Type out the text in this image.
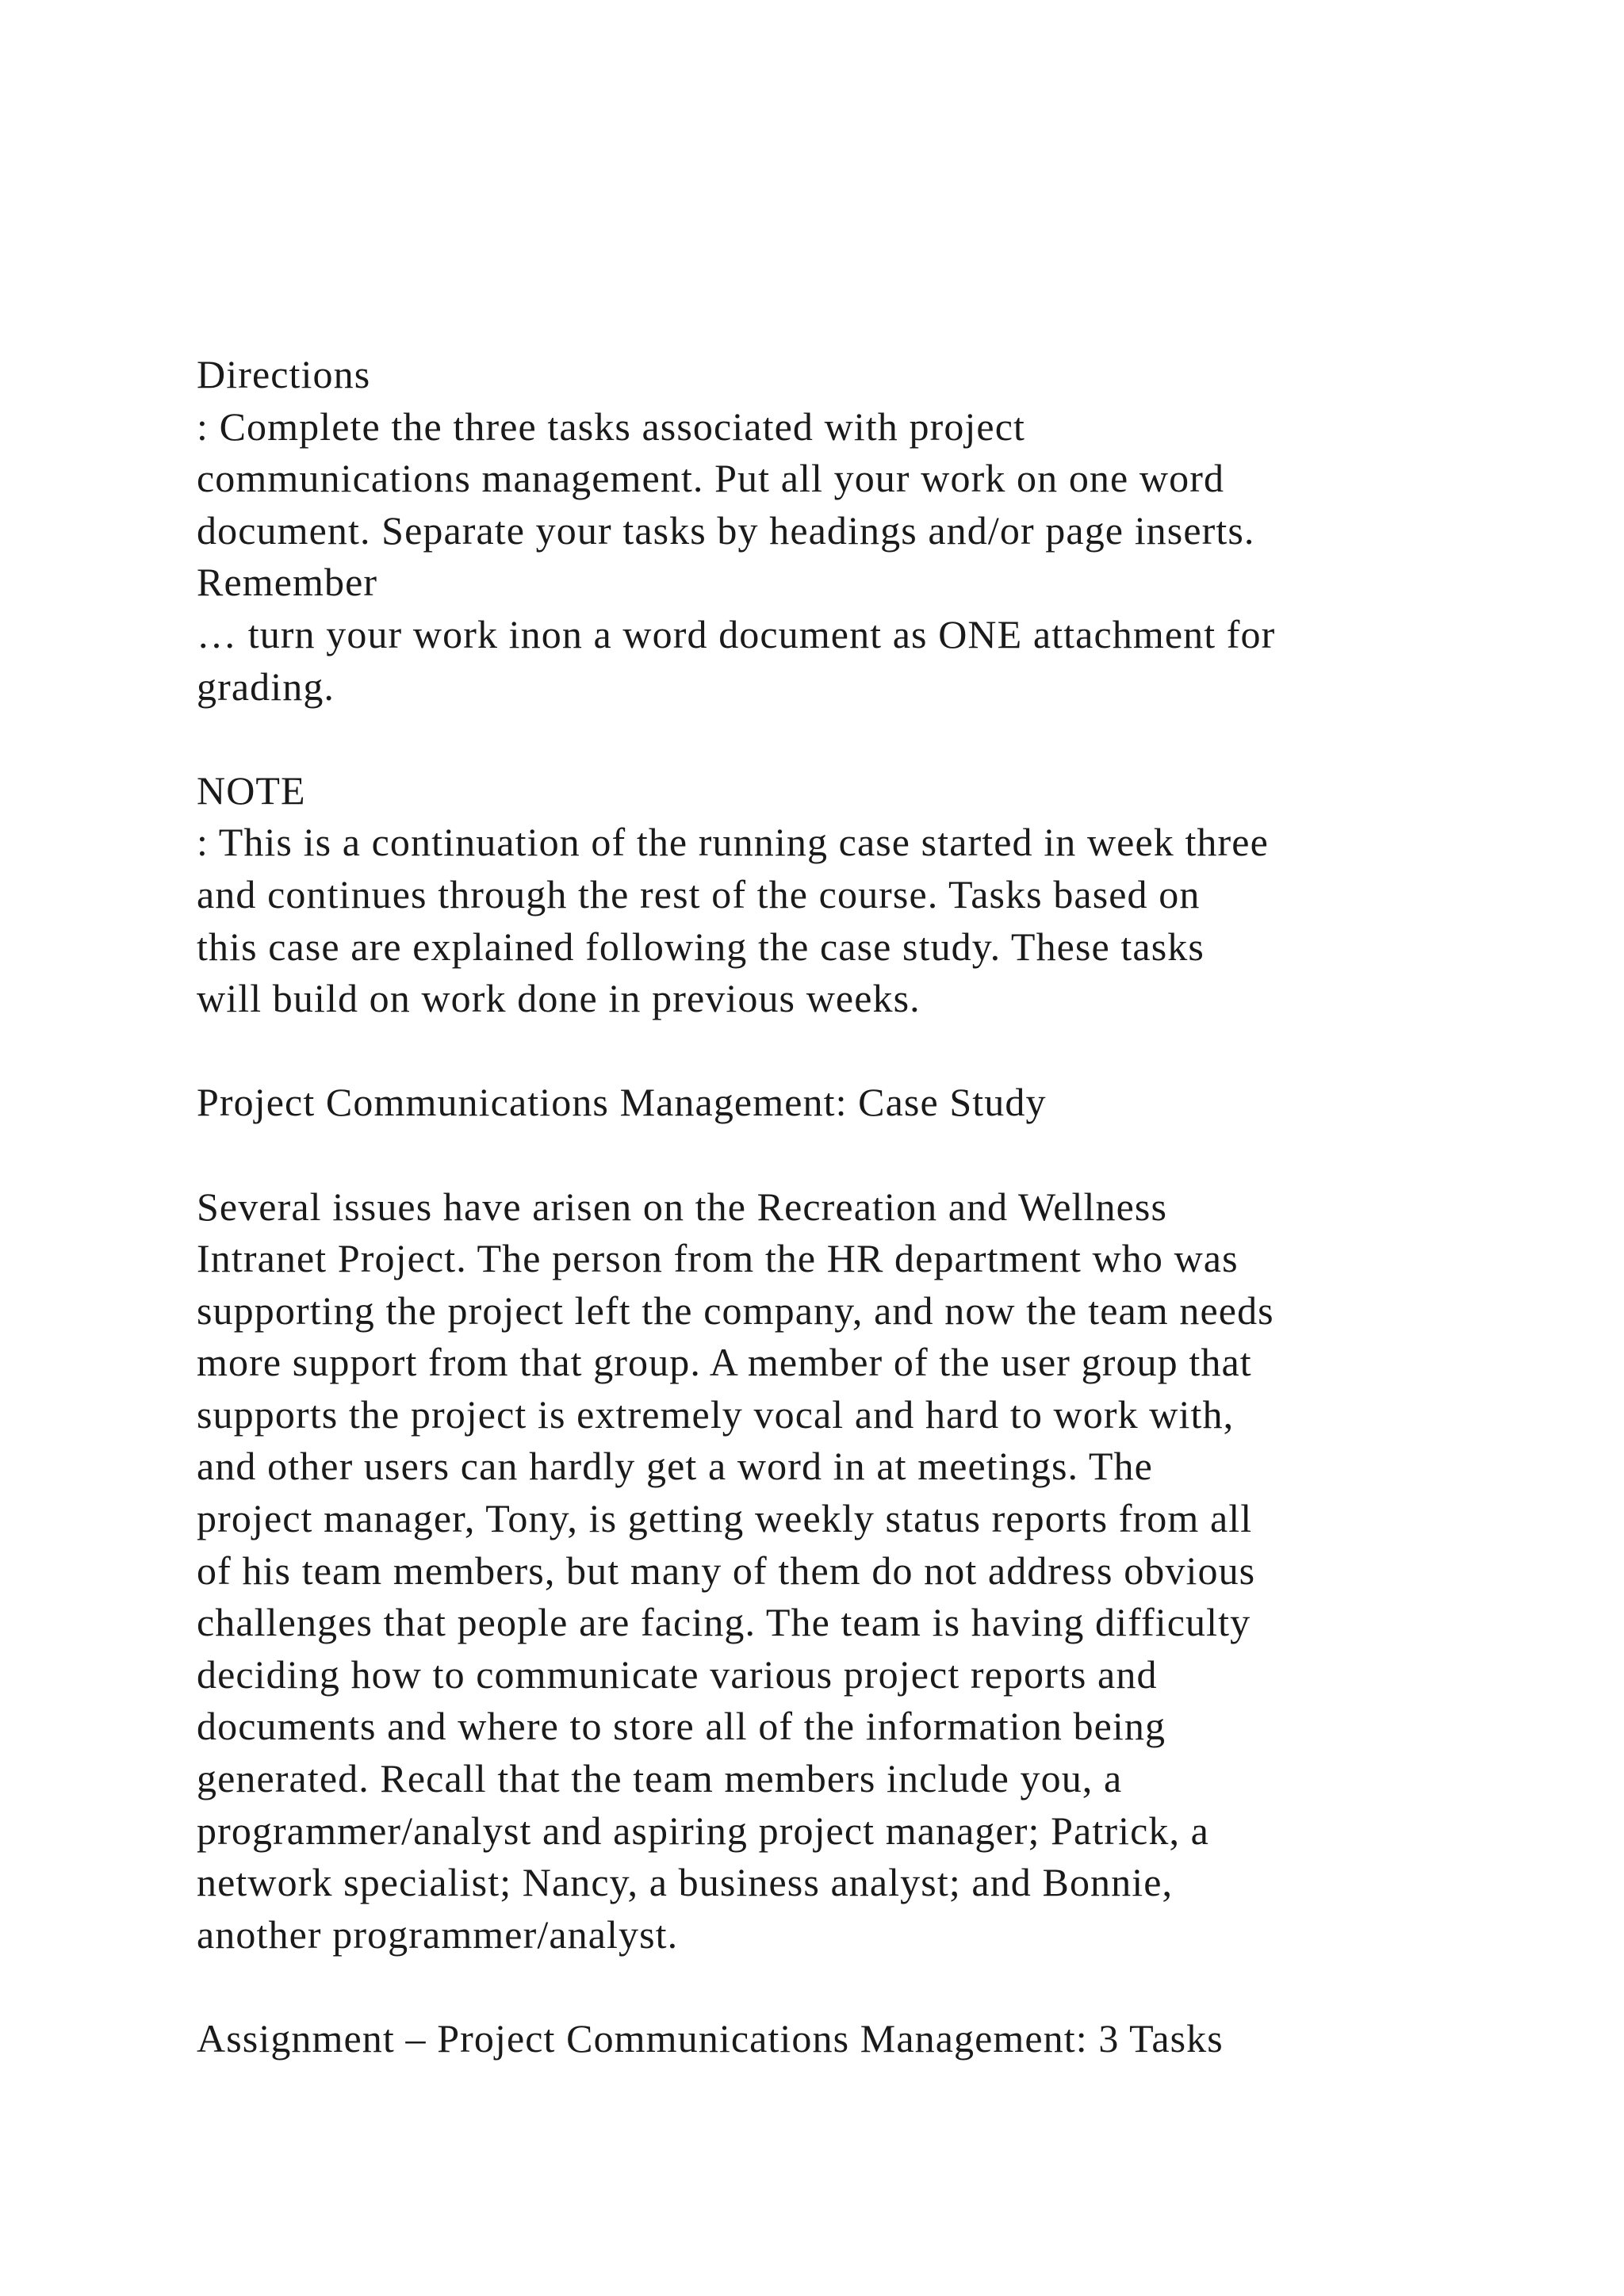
Directions
: Complete the three tasks associated with project
communications management. Put all your work on one word
document. Separate your tasks by headings and/or page inserts.
Remember
… turn your work inon a word document as ONE attachment for
grading.
NOTE
: This is a continuation of the running case started in week three
and continues through the rest of the course. Tasks based on
this case are explained following the case study. These tasks
will build on work done in previous weeks.
Project Communications Management: Case Study
Several issues have arisen on the Recreation and Wellness
Intranet Project. The person from the HR department who was
supporting the project left the company, and now the team needs
more support from that group. A member of the user group that
supports the project is extremely vocal and hard to work with,
and other users can hardly get a word in at meetings. The
project manager, Tony, is getting weekly status reports from all
of his team members, but many of them do not address obvious
challenges that people are facing. The team is having difficulty
deciding how to communicate various project reports and
documents and where to store all of the information being
generated. Recall that the team members include you, a
programmer/analyst and aspiring project manager; Patrick, a
network specialist; Nancy, a business analyst; and Bonnie,
another programmer/analyst.
Assignment – Project Communications Management: 3 Tasks
